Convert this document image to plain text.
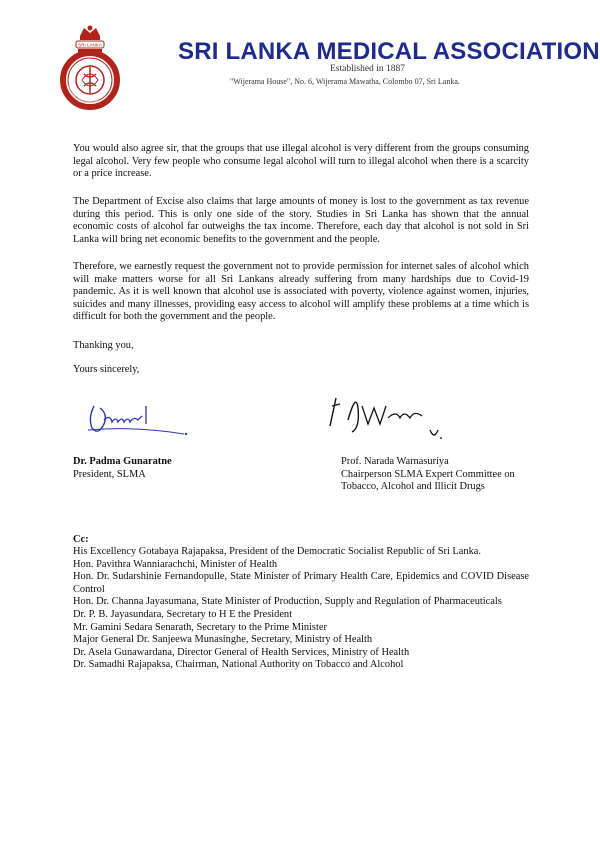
SRI LANKA
1887
MEDICAL ASSOCIATION
SRI LANKA MEDICAL ASSOCIATION
Established in 1887
"Wijerama House", No. 6, Wijerama Mawatha, Colombo 07, Sri Lanka.

You would also agree sir, that the groups that use illegal alcohol is very different from the groups consuming legal alcohol. Very few people who consume legal alcohol will turn to illegal alcohol when there is a scarcity or a price increase.

The Department of Excise also claims that large amounts of money is lost to the government as tax revenue during this period. This is only one side of the story. Studies in Sri Lanka has shown that the annual economic costs of alcohol far outweighs the tax income. Therefore, each day that alcohol is not sold in Sri Lanka will bring net economic benefits to the government and the people.

Therefore, we earnestly request the government not to provide permission for internet sales of alcohol which will make matters worse for all Sri Lankans already suffering from many hardships due to Covid-19 pandemic. As it is well known that alcohol use is associated with poverty, violence against women, injuries, suicides and many illnesses, providing easy access to alcohol will amplify these problems at a time which is difficult for both the government and the people.

Thanking you,

Yours sincerely,

Dr. Padma Gunaratne
President, SLMA
Prof. Narada Warnasuriya
Chairperson SLMA Expert Committee on
Tobacco, Alcohol and Illicit Drugs

Cc:

His Excellency Gotabaya Rajapaksa, President of the Democratic Socialist Republic of Sri Lanka.
Hon. Pavithra Wanniarachchi, Minister of Health
Hon. Dr. Sudarshinie Fernandopulle, State Minister of Primary Health Care, Epidemics and COVID Disease Control
Hon. Dr. Channa Jayasumana, State Minister of Production, Supply and Regulation of Pharmaceuticals
Dr. P. B. Jayasundara, Secretary to H E the President
Mr. Gamini Sedara Senarath, Secretary to the Prime Minister
Major General Dr. Sanjeewa Munasinghe, Secretary, Ministry of Health
Dr. Asela Gunawardana, Director General of Health Services, Ministry of Health
Dr. Samadhi Rajapaksa, Chairman, National Authority on Tobacco and Alcohol
